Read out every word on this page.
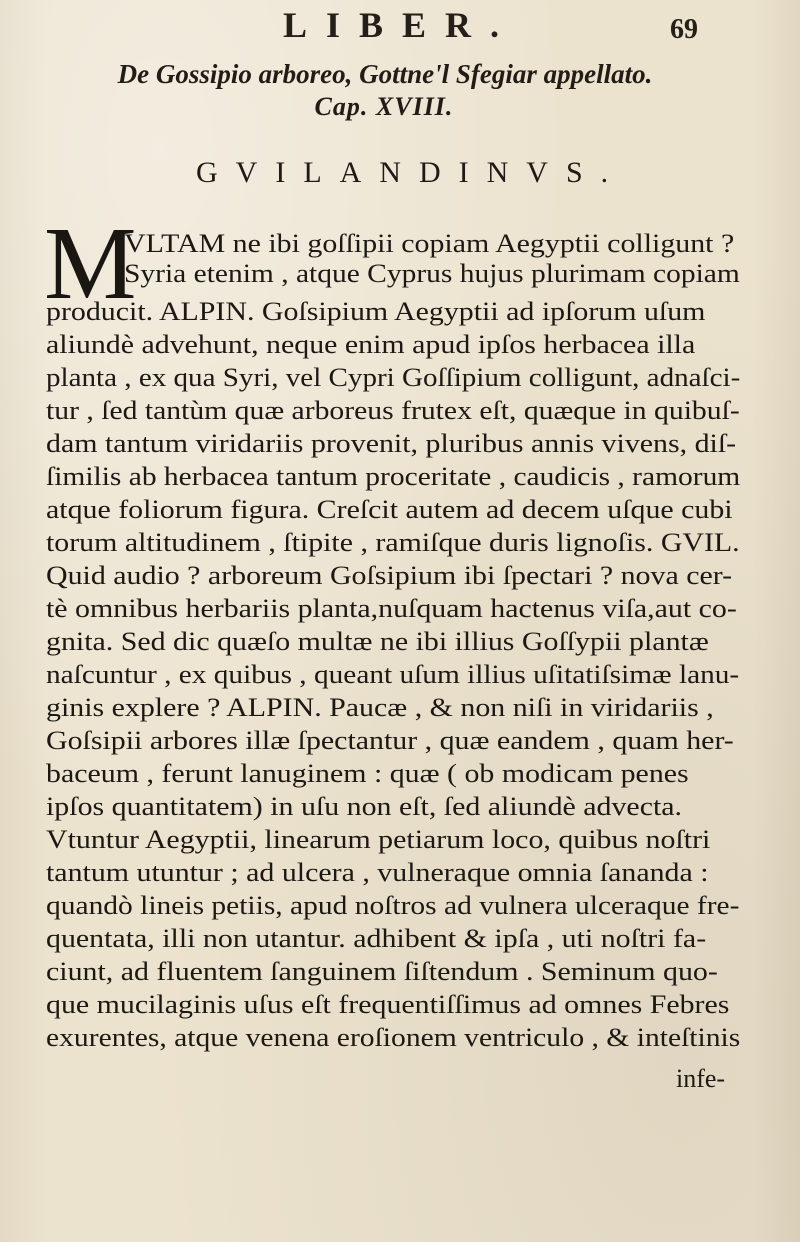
LIBER.	69
De Gossipio arboreo, Gottne'l Sfegiar appellato.
Cap. XVIII.
GVILANDINVS.
M
VLTAM ne ibi goſſipii copiam Aegyptii colligunt ?
Syria etenim , atque Cyprus hujus plurimam copiam
producit. ALPIN. Goſsipium Aegyptii ad ipſorum uſum
aliundè advehunt, neque enim apud ipſos herbacea illa
planta , ex qua Syri, vel Cypri Goſſipium colligunt, adnaſci-
tur , ſed tantùm quæ arboreus frutex eſt, quæque in quibuſ-
dam tantum viridariis provenit, pluribus annis vivens, diſ-
ſimilis ab herbacea tantum proceritate , caudicis , ramorum
atque foliorum figura. Creſcit autem ad decem uſque cubi
torum altitudinem , ſtipite , ramiſque duris lignoſis. GVIL.
Quid audio ? arboreum Goſsipium ibi ſpectari ? nova cer-
tè omnibus herbariis planta,nuſquam hactenus viſa,aut co-
gnita. Sed dic quæſo multæ ne ibi illius Goſſypii plantæ
naſcuntur , ex quibus , queant uſum illius uſitatiſsimæ lanu-
ginis explere ? ALPIN. Paucæ , & non niſi in viridariis ,
Goſsipii arbores illæ ſpectantur , quæ eandem , quam her-
baceum , ferunt lanuginem : quæ ( ob modicam penes
ipſos quantitatem) in uſu non eſt, ſed aliundè advecta.
Vtuntur Aegyptii, linearum petiarum loco, quibus noſtri
tantum utuntur ; ad ulcera , vulneraque omnia ſananda :
quandò lineis petiis, apud noſtros ad vulnera ulceraque fre-
quentata, illi non utantur. adhibent & ipſa , uti noſtri fa-
ciunt, ad fluentem ſanguinem ſiſtendum . Seminum quo-
que mucilaginis uſus eſt frequentiſſimus ad omnes Febres
exurentes, atque venena eroſionem ventriculo , & inteſtinis
infe-
